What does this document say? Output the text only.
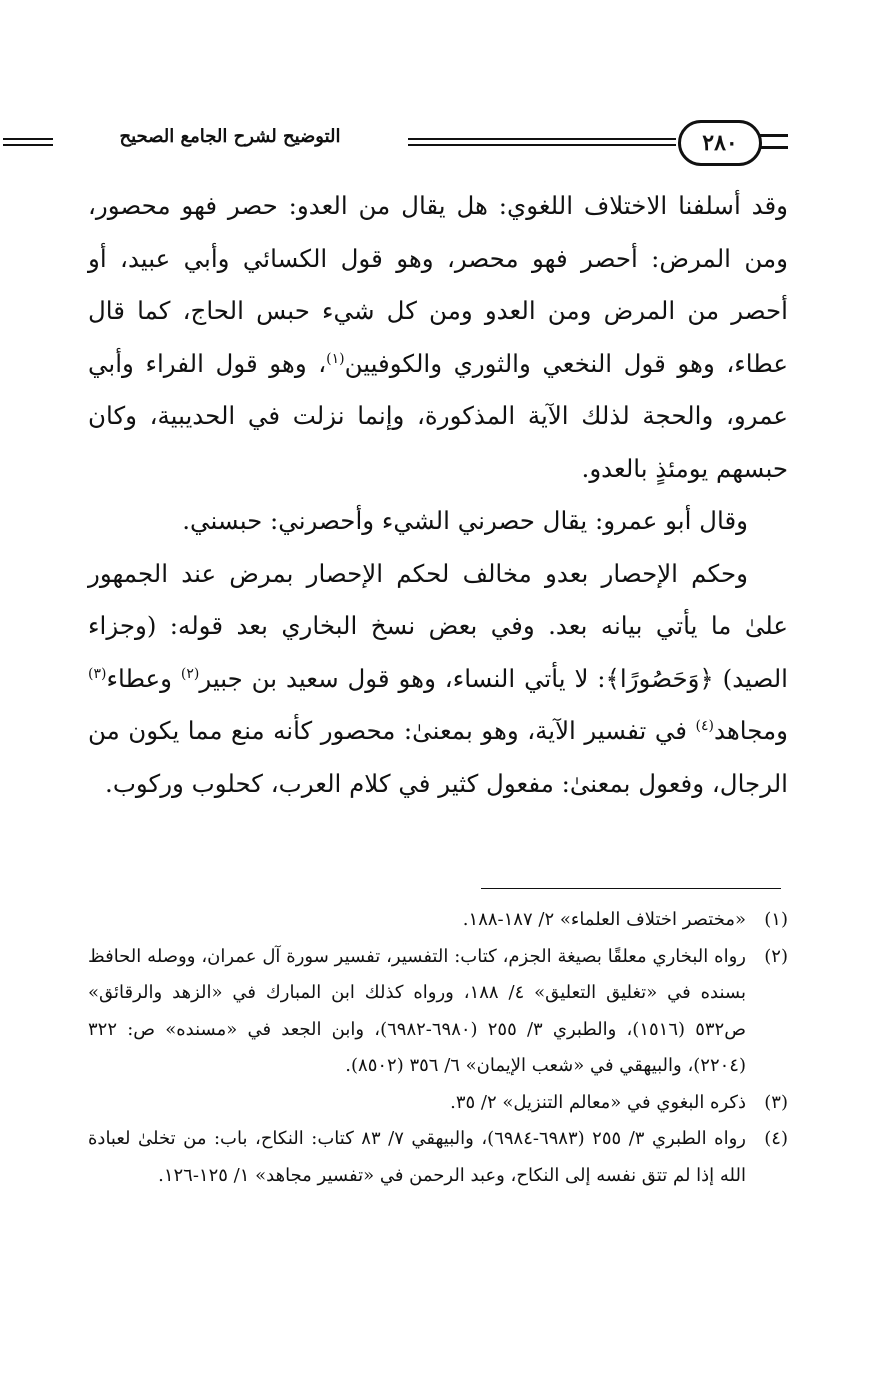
٢٨٠
التوضيح لشرح الجامع الصحيح

وقد أسلفنا الاختلاف اللغوي: هل يقال من العدو: حصر فهو محصور، ومن المرض: أحصر فهو محصر، وهو قول الكسائي وأبي عبيد، أو أحصر من المرض ومن العدو ومن كل شيء حبس الحاج، كما قال عطاء، وهو قول النخعي والثوري والكوفيين$^{(١)}$، وهو قول الفراء وأبي عمرو، والحجة لذلك الآية المذكورة، وإنما نزلت في الحديبية، وكان حبسهم يومئذٍ بالعدو.

وقال أبو عمرو: يقال حصرني الشيء وأحصرني: حبسني.

وحكم الإحصار بعدو مخالف لحكم الإحصار بمرض عند الجمهور علىٰ ما يأتي بيانه بعد. وفي بعض نسخ البخاري بعد قوله: (وجزاء الصيد) ﴿وَحَصُورًا﴾: لا يأتي النساء، وهو قول سعيد بن جبير$^{(٢)}$ وعطاء$^{(٣)}$ ومجاهد$^{(٤)}$ في تفسير الآية، وهو بمعنىٰ: محصور كأنه منع مما يكون من الرجال، وفعول بمعنىٰ: مفعول كثير في كلام العرب، كحلوب وركوب.

(١)
«مختصر اختلاف العلماء» ٢/ ١٨٧-١٨٨.
(٢)
رواه البخاري معلقًا بصيغة الجزم، كتاب: التفسير، تفسير سورة آل عمران، ووصله الحافظ بسنده في «تغليق التعليق» ٤/ ١٨٨، ورواه كذلك ابن المبارك في «الزهد والرقائق» ص٥٣٢ (١٥١٦)، والطبري ٣/ ٢٥٥ (٦٩٨٠-٦٩٨٢)، وابن الجعد في «مسنده» ص: ٣٢٢ (٢٢٠٤)، والبيهقي في «شعب الإيمان» ٦/ ٣٥٦ (٨٥٠٢).
(٣)
ذكره البغوي في «معالم التنزيل» ٢/ ٣٥.
(٤)
رواه الطبري ٣/ ٢٥٥ (٦٩٨٣-٦٩٨٤)، والبيهقي ٧/ ٨٣ كتاب: النكاح، باب: من تخلىٰ لعبادة الله إذا لم تتق نفسه إلى النكاح، وعبد الرحمن في «تفسير مجاهد» ١/ ١٢٥-١٢٦.
